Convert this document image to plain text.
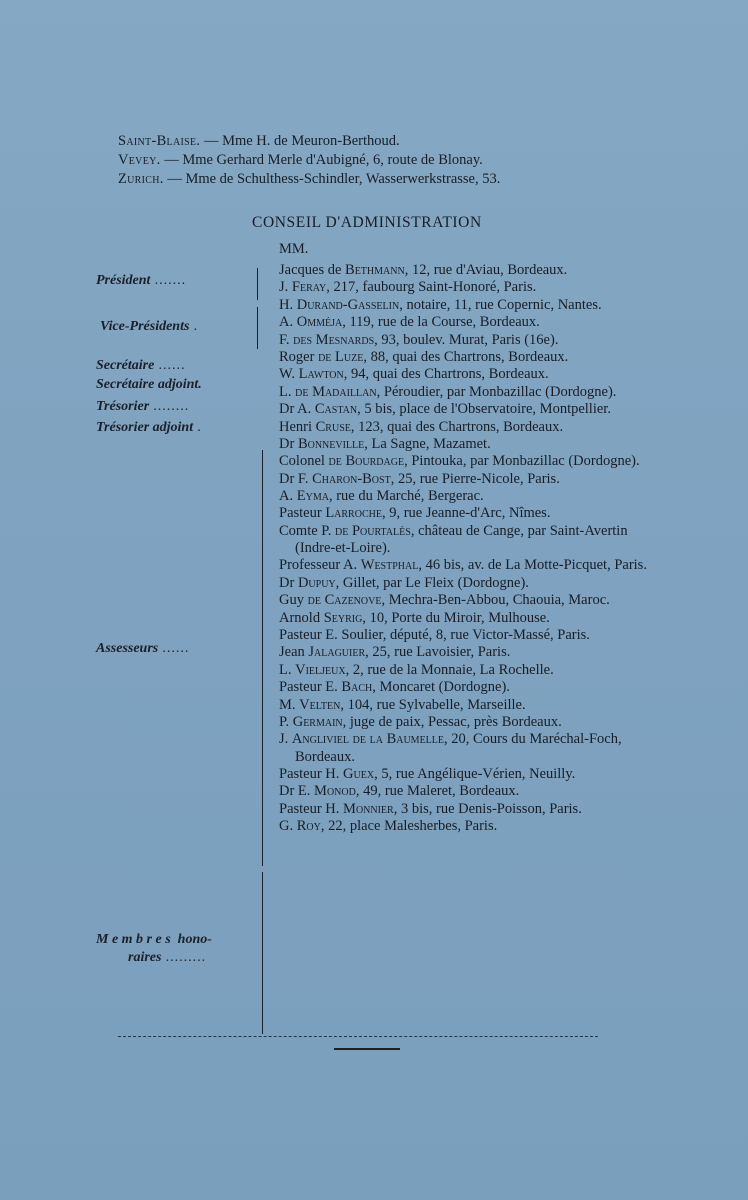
Saint-Blaise. — Mme H. de Meuron-Berthoud.
Vevey. — Mme Gerhard Merle d'Aubigné, 6, route de Blonay.
Zurich. — Mme de Schulthess-Schindler, Wasserwerkstrasse, 53.
CONSEIL D'ADMINISTRATION
MM.
Président .......
Vice-Présidents .
Secrétaire ......
Secrétaire adjoint.
Trésorier ........
Trésorier adjoint .
Assesseurs ......
M e m b r e s  hono-
raires .........
Jacques de Bethmann, 12, rue d'Aviau, Bordeaux.
J. Feray, 217, faubourg Saint-Honoré, Paris.
H. Durand-Gasselin, notaire, 11, rue Copernic, Nantes.
A. Omméja, 119, rue de la Course, Bordeaux.
F. des Mesnards, 93, boulev. Murat, Paris (16e).
Roger de Luze, 88, quai des Chartrons, Bordeaux.
W. Lawton, 94, quai des Chartrons, Bordeaux.
L. de Madaillan, Péroudier, par Monbazillac (Dordogne).
Dr A. Castan, 5 bis, place de l'Observatoire, Montpellier.
Henri Cruse, 123, quai des Chartrons, Bordeaux.
Dr Bonneville, La Sagne, Mazamet.
Colonel de Bourdage, Pintouka, par Monbazillac (Dordogne).
Dr F. Charon-Bost, 25, rue Pierre-Nicole, Paris.
A. Eyma, rue du Marché, Bergerac.
Pasteur Larroche, 9, rue Jeanne-d'Arc, Nîmes.
Comte P. de Pourtalès, château de Cange, par Saint-Avertin (Indre-et-Loire).
Professeur A. Westphal, 46 bis, av. de La Motte-Picquet, Paris.
Dr Dupuy, Gillet, par Le Fleix (Dordogne).
Guy de Cazenove, Mechra-Ben-Abbou, Chaouia, Maroc.
Arnold Seyrig, 10, Porte du Miroir, Mulhouse.
Pasteur E. Soulier, député, 8, rue Victor-Massé, Paris.
Jean Jalaguier, 25, rue Lavoisier, Paris.
L. Vieljeux, 2, rue de la Monnaie, La Rochelle.
Pasteur E. Bach, Moncaret (Dordogne).
M. Velten, 104, rue Sylvabelle, Marseille.
P. Germain, juge de paix, Pessac, près Bordeaux.
J. Angliviel de la Baumelle, 20, Cours du Maréchal-Foch, Bordeaux.
Pasteur H. Guex, 5, rue Angélique-Vérien, Neuilly.
Dr E. Monod, 49, rue Maleret, Bordeaux.
Pasteur H. Monnier, 3 bis, rue Denis-Poisson, Paris.
G. Roy, 22, place Malesherbes, Paris.
